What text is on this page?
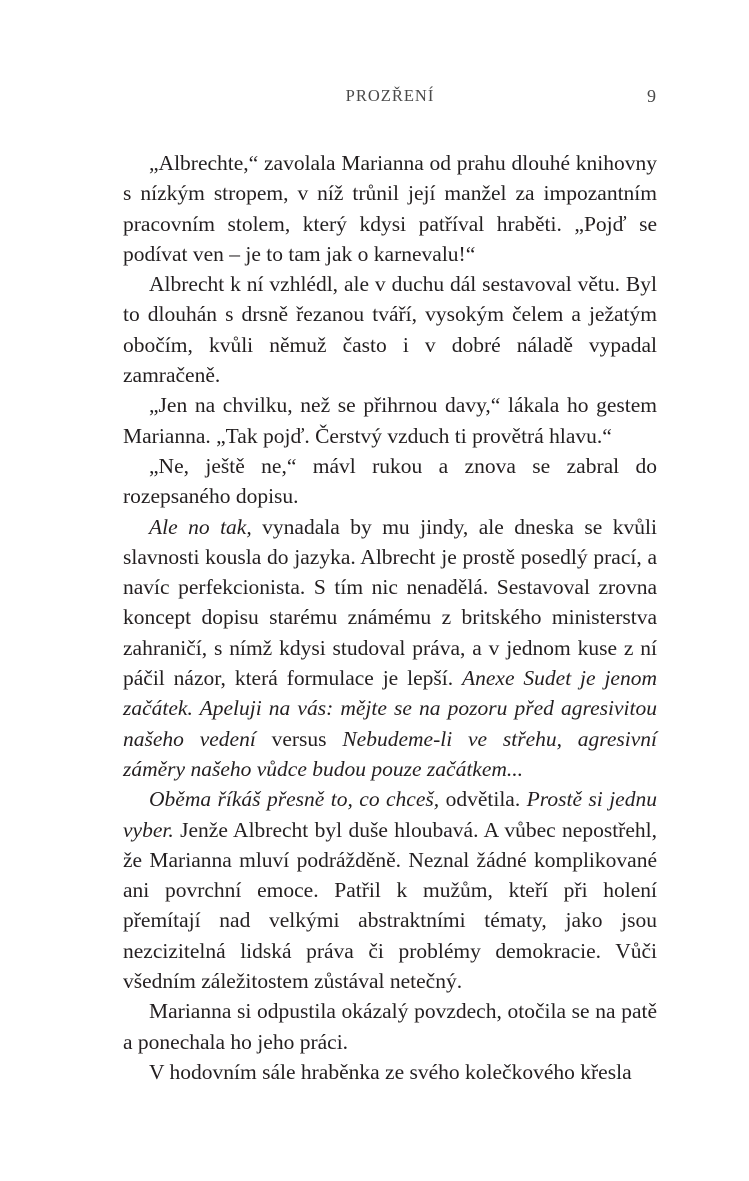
PROZŘENÍ	9

„Albrechte,“ zavolala Marianna od prahu dlouhé knihovny s nízkým stropem, v níž trůnil její manžel za impozantním pracovním stolem, který kdysi patříval hraběti. „Pojď se podívat ven – je to tam jak o karnevalu!“

Albrecht k ní vzhlédl, ale v duchu dál sestavoval větu. Byl to dlouhán s drsně řezanou tváří, vysokým čelem a ježatým obočím, kvůli němuž často i v dobré náladě vypadal zamračeně.

„Jen na chvilku, než se přihrnou davy,“ lákala ho gestem Marianna. „Tak pojď. Čerstvý vzduch ti provětrá hlavu.“

„Ne, ještě ne,“ mávl rukou a znova se zabral do rozepsaného dopisu.

Ale no tak, vynadala by mu jindy, ale dneska se kvůli slavnosti kousla do jazyka. Albrecht je prostě posedlý prací, a navíc perfekcionista. S tím nic nenadělá. Sestavoval zrovna koncept dopisu starému známému z britského ministerstva zahraničí, s nímž kdysi studoval práva, a v jednom kuse z ní páčil názor, která formulace je lepší. Anexe Sudet je jenom začátek. Apeluji na vás: mějte se na pozoru před agresivitou našeho vedení versus Nebudeme-li ve střehu, agresivní záměry našeho vůdce budou pouze začátkem...

Oběma říkáš přesně to, co chceš, odvětila. Prostě si jednu vyber. Jenže Albrecht byl duše hloubavá. A vůbec nepostřehl, že Marianna mluví podrážděně. Neznal žádné komplikované ani povrchní emoce. Patřil k mužům, kteří při holení přemítají nad velkými abstraktními tématy, jako jsou nezcizitelná lidská práva či problémy demokracie. Vůči všedním záležitostem zůstával netečný.

Marianna si odpustila okázalý povzdech, otočila se na patě a ponechala ho jeho práci.

V hodovním sále hraběnka ze svého kolečkového křesla
